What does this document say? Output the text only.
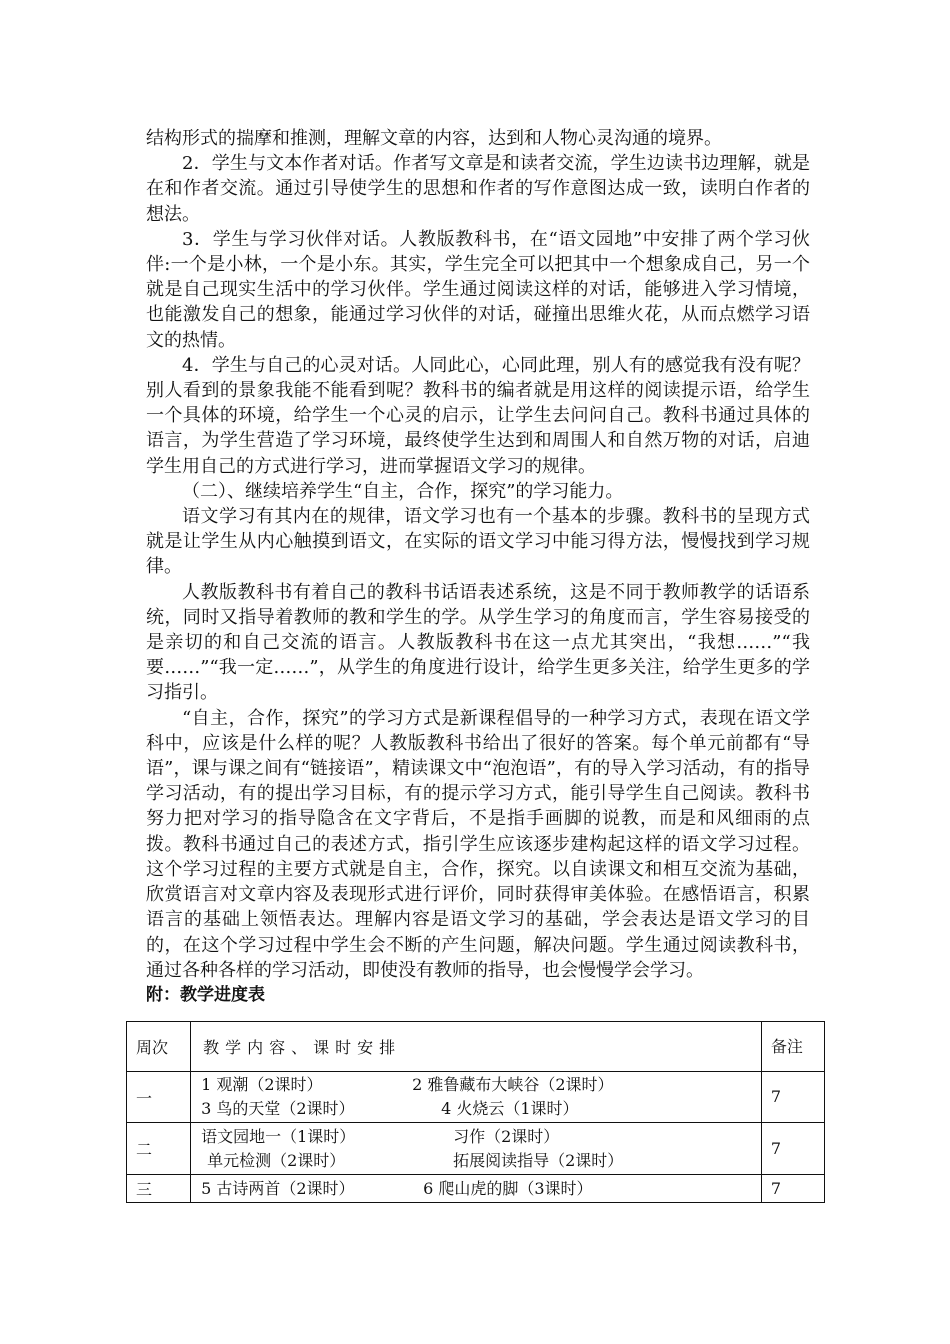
结构形式的揣摩和推测，理解文章的内容，达到和人物心灵沟通的境界。

2．学生与文本作者对话。作者写文章是和读者交流，学生边读书边理解，就是在和作者交流。通过引导使学生的思想和作者的写作意图达成一致，读明白作者的想法。

3．学生与学习伙伴对话。人教版教科书，在“语文园地”中安排了两个学习伙伴:一个是小林，一个是小东。其实，学生完全可以把其中一个想象成自己，另一个就是自己现实生活中的学习伙伴。学生通过阅读这样的对话，能够进入学习情境，也能激发自己的想象，能通过学习伙伴的对话，碰撞出思维火花，从而点燃学习语文的热情。

4．学生与自己的心灵对话。人同此心，心同此理，别人有的感觉我有没有呢？别人看到的景象我能不能看到呢？教科书的编者就是用这样的阅读提示语，给学生一个具体的环境，给学生一个心灵的启示，让学生去问问自己。教科书通过具体的语言，为学生营造了学习环境，最终使学生达到和周围人和自然万物的对话，启迪学生用自己的方式进行学习，进而掌握语文学习的规律。

（二）、继续培养学生“自主，合作，探究”的学习能力。

语文学习有其内在的规律，语文学习也有一个基本的步骤。教科书的呈现方式就是让学生从内心触摸到语文，在实际的语文学习中能习得方法，慢慢找到学习规律。

人教版教科书有着自己的教科书话语表述系统，这是不同于教师教学的话语系统，同时又指导着教师的教和学生的学。从学生学习的角度而言，学生容易接受的是亲切的和自己交流的语言。人教版教科书在这一点尤其突出，“我想……”“我要……”“我一定……”，从学生的角度进行设计，给学生更多关注，给学生更多的学习指引。

“自主，合作，探究”的学习方式是新课程倡导的一种学习方式，表现在语文学科中，应该是什么样的呢？人教版教科书给出了很好的答案。每个单元前都有“导语”，课与课之间有“链接语”，精读课文中“泡泡语”，有的导入学习活动，有的指导学习活动，有的提出学习目标，有的提示学习方式，能引导学生自己阅读。教科书努力把对学习的指导隐含在文字背后，不是指手画脚的说教，而是和风细雨的点拨。教科书通过自己的表述方式，指引学生应该逐步建构起这样的语文学习过程。这个学习过程的主要方式就是自主，合作，探究。以自读课文和相互交流为基础，欣赏语言对文章内容及表现形式进行评价，同时获得审美体验。在感悟语言，积累语言的基础上领悟表达。理解内容是语文学习的基础，学会表达是语文学习的目的，在这个学习过程中学生会不断的产生问题，解决问题。学生通过阅读教科书，通过各种各样的学习活动，即使没有教师的指导，也会慢慢学会学习。

附：教学进度表

周次	教学内容、课时安排	备注
一	1 观潮（2课时） 2 雅鲁藏布大峡谷（2课时）
3 鸟的天堂（2课时） 4 火烧云（1课时）	7
二	语文园地一（1课时） 习作（2课时）
单元检测（2课时） 拓展阅读指导（2课时）	7
三	5 古诗两首（2课时） 6 爬山虎的脚（3课时）	7
